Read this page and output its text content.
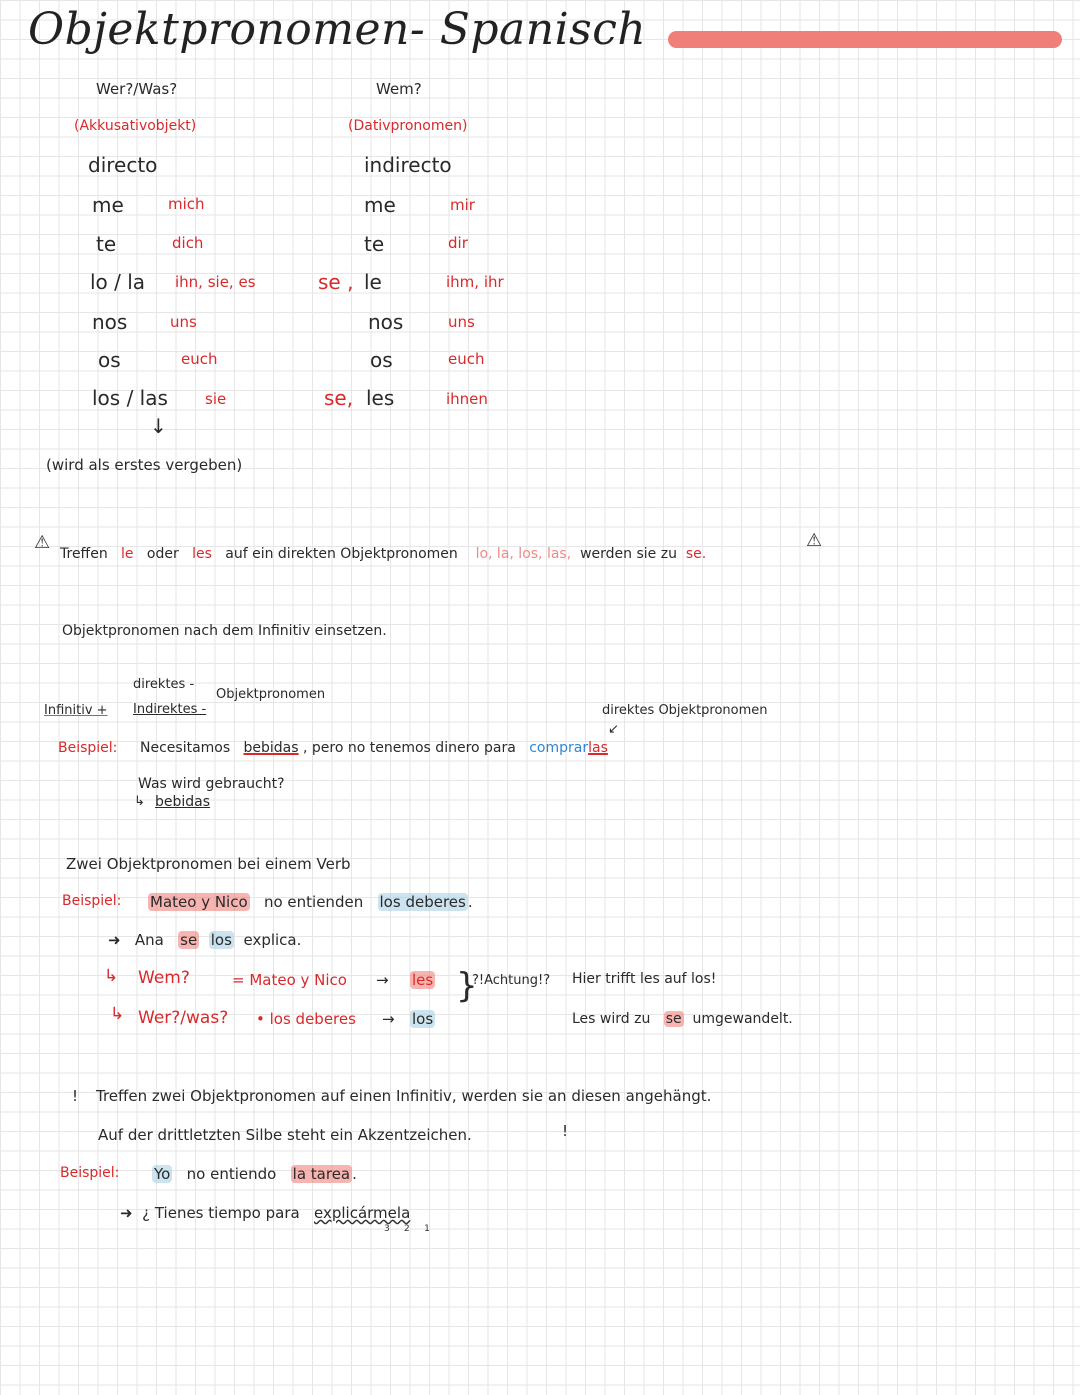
Objektpronomen- Spanisch
Wer?/Was?
(Akkusativobjekt)
directo
me	mich
te	dich
lo / la ihn, sie, es
nos	uns
os	euch
los / las sie
↓
(wird als erstes vergeben)
Wem?
(Dativpronomen)
indirecto
me	mir
te	dir
se , le	ihm, ihr
nos	uns
os	euch
se, les	ihnen
⚠
Treffen le oder les auf ein direkten Objektpronomen lo, la, los, las, werden sie zu se.
⚠
Objektpronomen nach dem Infinitiv einsetzen.
direktes -
Objektpronomen
Infinitiv + Indirektes -	direktes Objektpronomen
↙
Beispiel: Necesitamos bebidas , pero no tenemos dinero para comprarlas
Was wird gebraucht?
↳ bebidas
Zwei Objektpronomen bei einem Verb
Beispiel: Mateo y Nico no entienden los deberes .
➜ Ana se los explica.
↳ Wem?	= Mateo y Nico → les
↳ Wer?/was? • los deberes → los
}
?!Achtung!? Hier trifft les auf los!
Les wird zu se umgewandelt.
! Treffen zwei Objektpronomen auf einen Infinitiv, werden sie an diesen angehängt.
Auf der drittletzten Silbe steht ein Akzentzeichen.	!
Beispiel: Yo no entiendo la tarea .
➜ ¿ Tienes tiempo para explicármela
3 2 1
